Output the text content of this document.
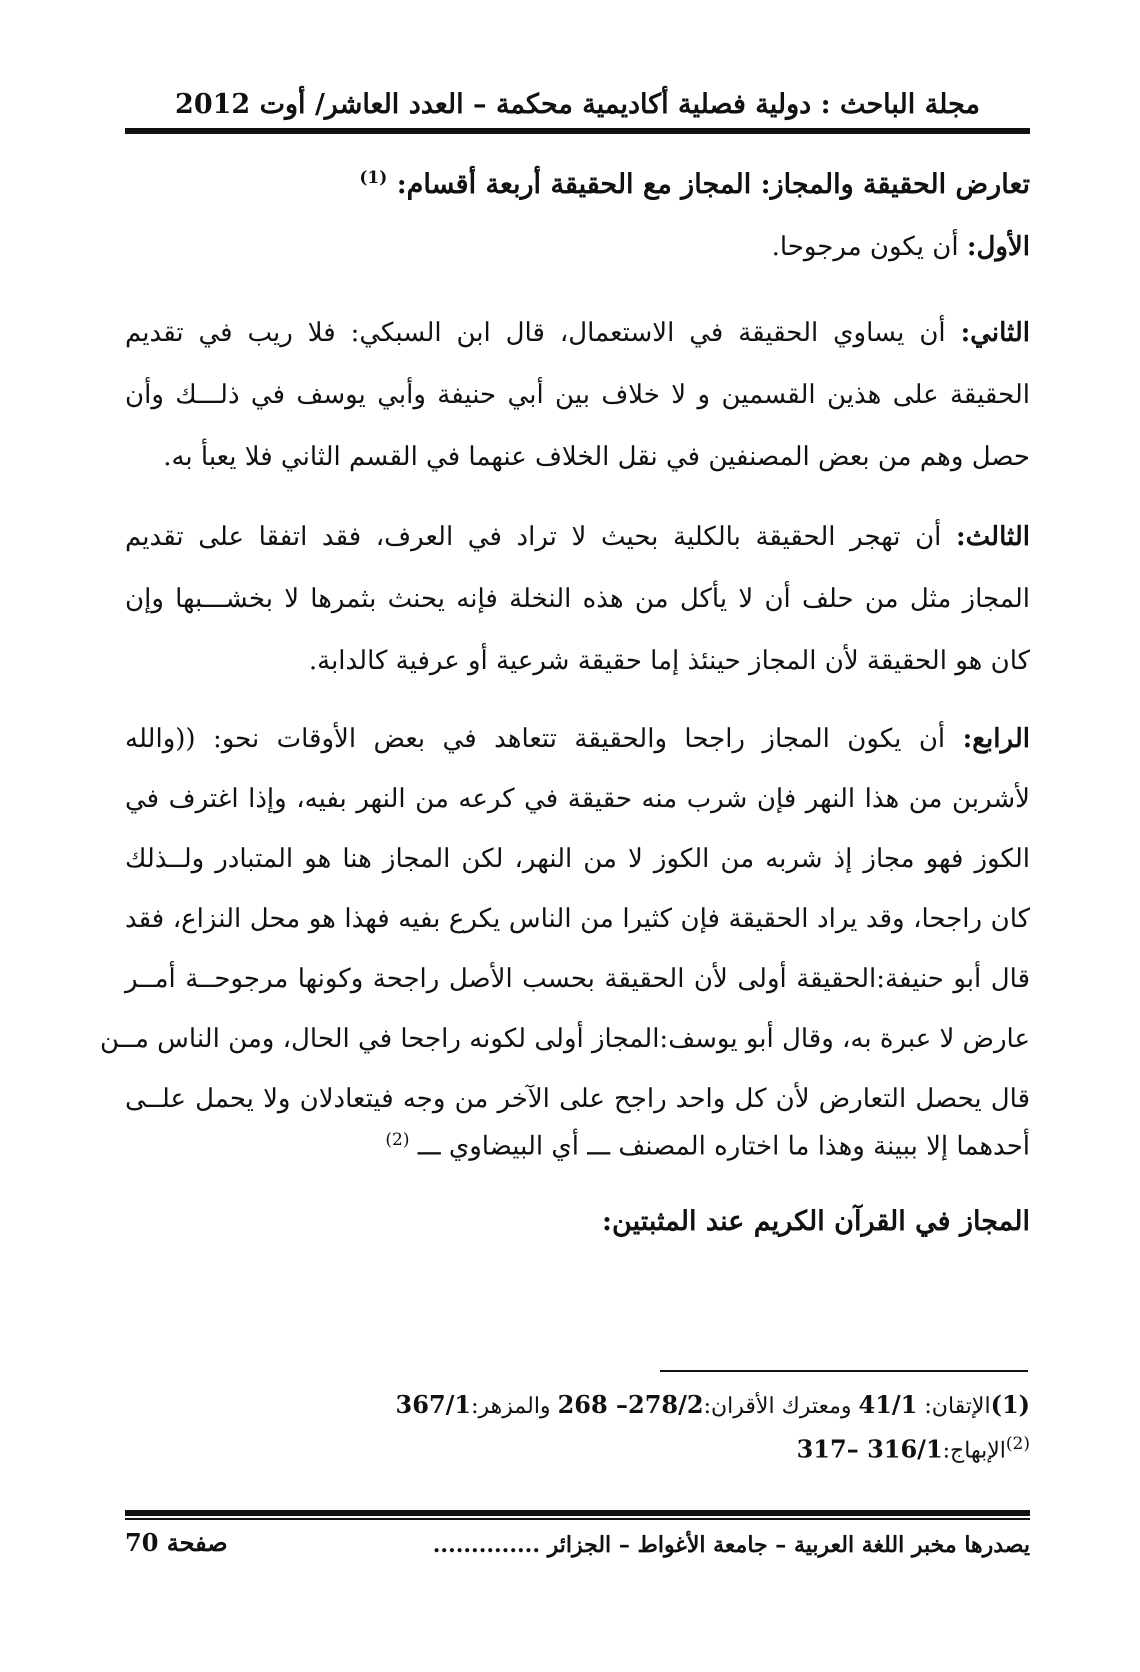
مجلة الباحث : دولية فصلية أكاديمية محكمة – العدد العاشر/ أوت 2012
تعارض الحقيقة والمجاز: المجاز مع الحقيقة أربعة أقسام: $^{(1)}$
الأول: أن يكون مرجوحا.
الثاني: أن يساوي الحقيقة في الاستعمال، قال ابن السبكي: فلا ريب في تقديم
الحقيقة على هذين القسمين و لا خلاف بين أبي حنيفة وأبي يوسف في ذلـــك وأن
حصل وهم من بعض المصنفين في نقل الخلاف عنهما في القسم الثاني فلا يعبأ به.
الثالث: أن تهجر الحقيقة بالكلية بحيث لا تراد في العرف، فقد اتفقا على تقديم
المجاز مثل من حلف أن لا يأكل من هذه النخلة فإنه يحنث بثمرها لا بخشـــبها وإن
كان هو الحقيقة لأن المجاز حينئذ إما حقيقة شرعية أو عرفية كالدابة.
الرابع: أن يكون المجاز راجحا والحقيقة تتعاهد في بعض الأوقات نحو: ((والله
لأشربن من هذا النهر فإن شرب منه حقيقة في كرعه من النهر بفيه، وإذا اغترف في
الكوز فهو مجاز إذ شربه من الكوز لا من النهر، لكن المجاز هنا هو المتبادر ولــذلك
كان راجحا، وقد يراد الحقيقة فإن كثيرا من الناس يكرع بفيه فهذا هو محل النزاع، فقد
قال أبو حنيفة:الحقيقة أولى لأن الحقيقة بحسب الأصل راجحة وكونها مرجوحــة أمــر
عارض لا عبرة به، وقال أبو يوسف:المجاز أولى لكونه راجحا في الحال، ومن الناس مــن
قال يحصل التعارض لأن كل واحد راجح على الآخر من وجه فيتعادلان ولا يحمل علــى
أحدهما إلا ببينة وهذا ما اختاره المصنف ـــ أي البيضاوي ـــ $^{(2)}$
المجاز في القرآن الكريم عند المثبتين:
(1)الإتقان: 41/1 ومعترك الأقران:278/2– 268 والمزهر:367/1
$^{(2)}$الإبهاج:316/1 –317
يصدرها مخبر اللغة العربية – جامعة الأغواط – الجزائر ..............
صفحة 70
